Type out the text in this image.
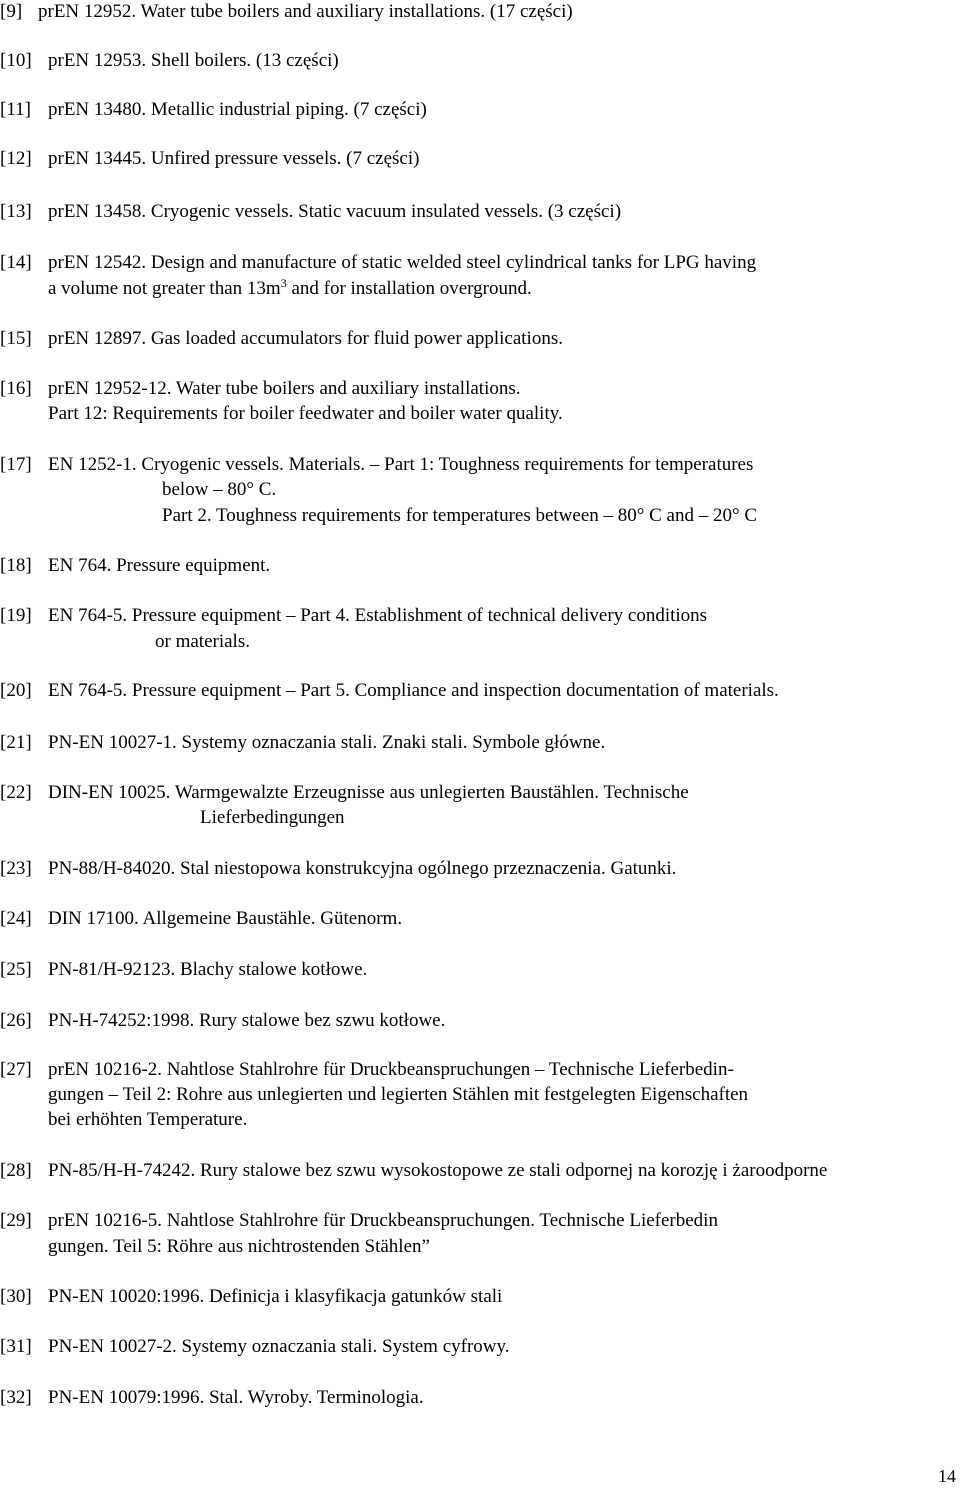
[9] prEN 12952. Water tube boilers and auxiliary installations. (17 części)
[10] prEN 12953. Shell boilers. (13 części)
[11] prEN 13480. Metallic industrial piping. (7 części)
[12] prEN 13445. Unfired pressure vessels. (7 części)
[13] prEN 13458. Cryogenic vessels. Static vacuum insulated vessels. (3 części)
[14] prEN 12542. Design and manufacture of static welded steel cylindrical tanks for LPG having
a volume not greater than $13m^3$ and for installation overground.
[15] prEN 12897. Gas loaded accumulators for fluid power applications.
[16] prEN 12952-12. Water tube boilers and auxiliary installations.
Part 12: Requirements for boiler feedwater and boiler water quality.
[17] EN 1252-1. Cryogenic vessels. Materials. – Part 1: Toughness requirements for temperatures
below – 80° C.
Part 2. Toughness requirements for temperatures between – 80° C and – 20° C
[18] EN 764. Pressure equipment.
[19] EN 764-5. Pressure equipment – Part 4. Establishment of technical delivery conditions
or materials.
[20] EN 764-5. Pressure equipment – Part 5. Compliance and inspection documentation of materials.
[21] PN-EN 10027-1. Systemy oznaczania stali. Znaki stali. Symbole główne.
[22] DIN-EN 10025. Warmgewalzte Erzeugnisse aus unlegierten Baustählen. Technische
Lieferbedingungen
[23] PN-88/H-84020. Stal niestopowa konstrukcyjna ogólnego przeznaczenia. Gatunki.
[24] DIN 17100. Allgemeine Baustähle. Gütenorm.
[25] PN-81/H-92123. Blachy stalowe kotłowe.
[26] PN-H-74252:1998. Rury stalowe bez szwu kotłowe.
[27] prEN 10216-2. Nahtlose Stahlrohre für Druckbeanspruchungen – Technische Lieferbedin-
gungen – Teil 2: Rohre aus unlegierten und legierten Stählen mit festgelegten Eigenschaften
bei erhöhten Temperature.
[28] PN-85/H-H-74242. Rury stalowe bez szwu wysokostopowe ze stali odpornej na korozję i żaroodporne
[29] prEN 10216-5. Nahtlose Stahlrohre für Druckbeanspruchungen. Technische Lieferbedin
gungen. Teil 5: Röhre aus nichtrostenden Stählen”
[30] PN-EN 10020:1996. Definicja i klasyfikacja gatunków stali
[31] PN-EN 10027-2. Systemy oznaczania stali. System cyfrowy.
[32] PN-EN 10079:1996. Stal. Wyroby. Terminologia.
14
